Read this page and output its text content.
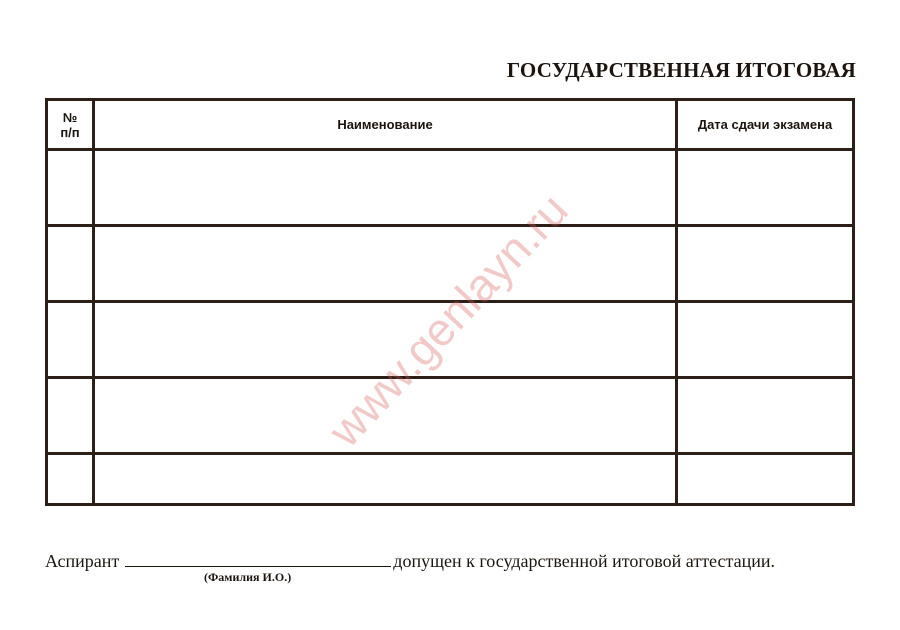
ГОСУДАРСТВЕННАЯ ИТОГОВАЯ
№
п/п	Наименование	Дата сдачи экзамена

www.genlayn.ru
Аспирант	допущен к государственной итоговой аттестации.
(Фамилия И.О.)
